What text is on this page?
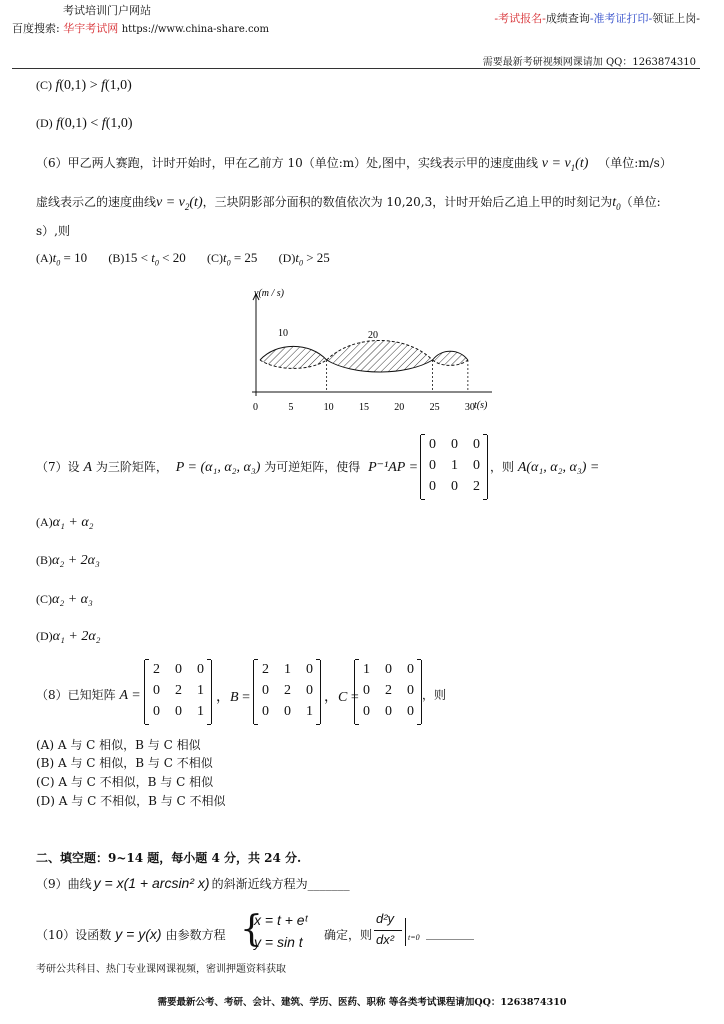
考试培训门户网站
百度搜索: 华宇考试网 https://www.china-share.com
-考试报名-成绩查询-准考证打印-领证上岗-
需要最新考研视频网课请加 QQ：1263874310
(C) f(0,1) > f(1,0)
(D) f(0,1) < f(1,0)
（6）甲乙两人赛跑，计时开始时，甲在乙前方 10（单位:m）处,图中，实线表示甲的速度曲线 $v = v_1(t)$ （单位:m/s）
虚线表示乙的速度曲线$v = v_2(t)$，三块阴影部分面积的数值依次为 10,20,3，计时开始后乙追上甲的时刻记为$t_0$（单位:
s）,则
$(A)t_0 = 10$ $(B)15 < t_0 < 20$ $(C)t_0 = 25$ $(D)t_0 > 25$
0	5	10	15	20	25	30
v(m / s)
t(s)
10	20
（7）设 A 为三阶矩阵， P = (α₁, α₂, α₃) 为可逆矩阵，使得 P⁻¹AP =
0	0	0
0	1	0
0	0	2
，则 A(α₁, α₂, α₃) =
(A)α₁ + α₂
(B)α₂ + 2α₃
(C)α₂ + α₃
(D)α₁ + 2α₂
（8）已知矩阵 A =
2	0	0
0	2	1
0	0	1
，B =
2	1	0
0	2	0
0	0	1
，C =
1	0	0
0	2	0
0	0	0
，则
(A) A 与 C 相似，B 与 C 相似
(B) A 与 C 相似，B 与 C 不相似
(C) A 与 C 不相似，B 与 C 相似
(D) A 与 C 不相似，B 与 C 不相似
二、填空题：9~14 题，每小题 4 分，共 24 分.
（9）曲线 y = x(1 + arcsin² x) 的斜渐近线方程为_______
（10）设函数 y = y(x) 由参数方程 {
x = t + eᵗ
y = sin t 确定，则
d²y
dx² t=0 ________
考研公共科目、热门专业课网课视频，密训押题资料获取
需要最新公考、考研、会计、建筑、学历、医药、职称 等各类考试课程请加QQ：1263874310
